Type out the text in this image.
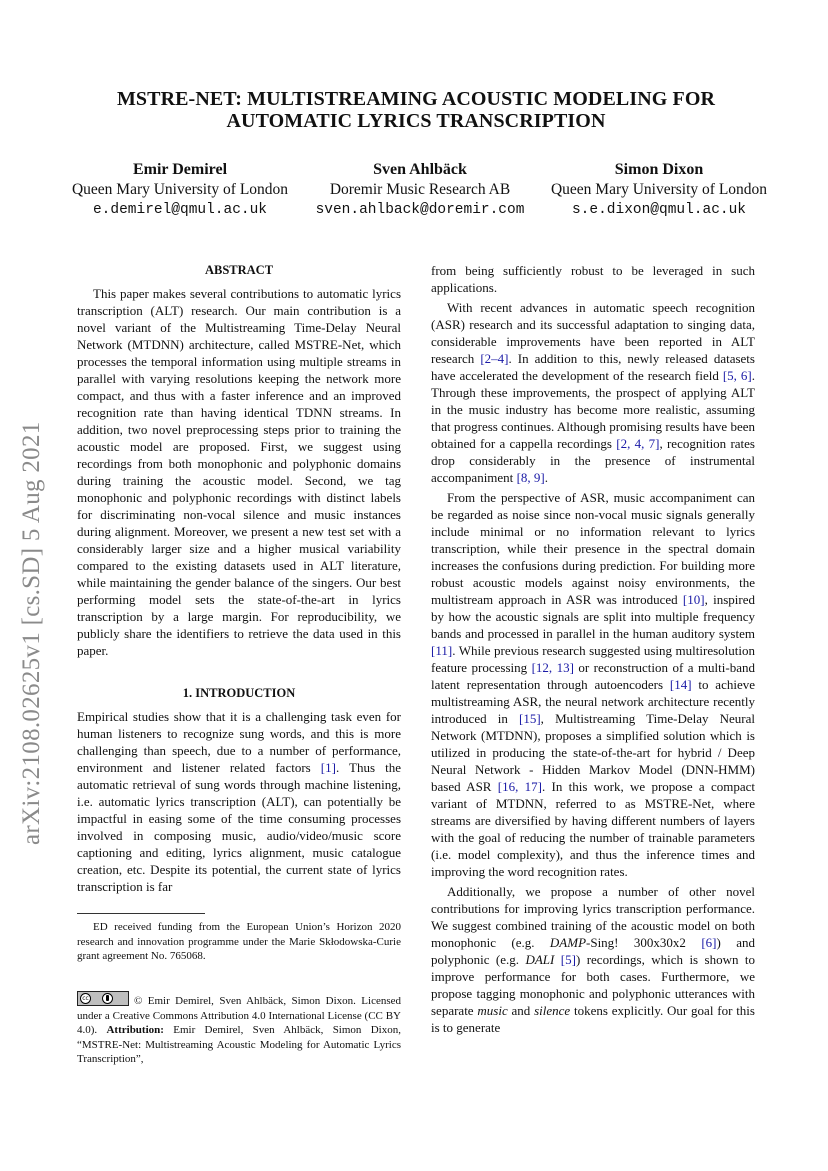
arXiv:2108.02625v1 [cs.SD] 5 Aug 2021
MSTRE-NET: MULTISTREAMING ACOUSTIC MODELING FOR
AUTOMATIC LYRICS TRANSCRIPTION
Emir Demirel
Queen Mary University of London
e.demirel@qmul.ac.uk
Sven Ahlbäck
Doremir Music Research AB
sven.ahlback@doremir.com
Simon Dixon
Queen Mary University of London
s.e.dixon@qmul.ac.uk
ABSTRACT

This paper makes several contributions to automatic lyrics transcription (ALT) research. Our main contribution is a novel variant of the Multistreaming Time-Delay Neural Network (MTDNN) architecture, called MSTRE-Net, which processes the temporal information using multiple streams in parallel with varying resolutions keeping the network more compact, and thus with a faster inference and an improved recognition rate than having identical TDNN streams. In addition, two novel preprocessing steps prior to training the acoustic model are proposed. First, we suggest using recordings from both monophonic and polyphonic domains during training the acoustic model. Second, we tag monophonic and polyphonic recordings with distinct labels for discriminating non-vocal silence and music instances during alignment. Moreover, we present a new test set with a considerably larger size and a higher musical variability compared to the existing datasets used in ALT literature, while maintaining the gender balance of the singers. Our best performing model sets the state-of-the-art in lyrics transcription by a large margin. For reproducibility, we publicly share the identifiers to retrieve the data used in this paper.

1. INTRODUCTION

Empirical studies show that it is a challenging task even for human listeners to recognize sung words, and this is more challenging than speech, due to a number of performance, environment and listener related factors [1]. Thus the automatic retrieval of sung words through machine listening, i.e. automatic lyrics transcription (ALT), can potentially be impactful in easing some of the time consuming processes involved in composing music, audio/video/music score captioning and editing, lyrics alignment, music catalogue creation, etc. Despite its potential, the current state of lyrics transcription is far

ED received funding from the European Union’s Horizon 2020 research and innovation programme under the Marie Skłodowska-Curie grant agreement No. 765068.

cc	© Emir Demirel, Sven Ahlbäck, Simon Dixon. Licensed under a Creative Commons Attribution 4.0 International License (CC BY 4.0). Attribution: Emir Demirel, Sven Ahlbäck, Simon Dixon, “MSTRE-Net: Multistreaming Acoustic Modeling for Automatic Lyrics Transcription”,

from being sufficiently robust to be leveraged in such applications.

With recent advances in automatic speech recognition (ASR) research and its successful adaptation to singing data, considerable improvements have been reported in ALT research [2–4]. In addition to this, newly released datasets have accelerated the development of the research field [5, 6]. Through these improvements, the prospect of applying ALT in the music industry has become more realistic, assuming that progress continues. Although promising results have been obtained for a cappella recordings [2, 4, 7], recognition rates drop considerably in the presence of instrumental accompaniment [8, 9].

From the perspective of ASR, music accompaniment can be regarded as noise since non-vocal music signals generally include minimal or no information relevant to lyrics transcription, while their presence in the spectral domain increases the confusions during prediction. For building more robust acoustic models against noisy environments, the multistream approach in ASR was introduced [10], inspired by how the acoustic signals are split into multiple frequency bands and processed in parallel in the human auditory system [11]. While previous research suggested using multiresolution feature processing [12, 13] or reconstruction of a multi-band latent representation through autoencoders [14] to achieve multistreaming ASR, the neural network architecture recently introduced in [15], Multistreaming Time-Delay Neural Network (MTDNN), proposes a simplified solution which is utilized in producing the state-of-the-art for hybrid / Deep Neural Network - Hidden Markov Model (DNN-HMM) based ASR [16, 17]. In this work, we propose a compact variant of MTDNN, referred to as MSTRE-Net, where streams are diversified by having different numbers of layers with the goal of reducing the number of trainable parameters (i.e. model complexity), and thus the inference times and improving the word recognition rates.

Additionally, we propose a number of other novel contributions for improving lyrics transcription performance. We suggest combined training of the acoustic model on both monophonic (e.g. DAMP-Sing! 300x30x2 [6]) and polyphonic (e.g. DALI [5]) recordings, which is shown to improve performance for both cases. Furthermore, we propose tagging monophonic and polyphonic utterances with separate music and silence tokens explicitly. Our goal for this is to generate
